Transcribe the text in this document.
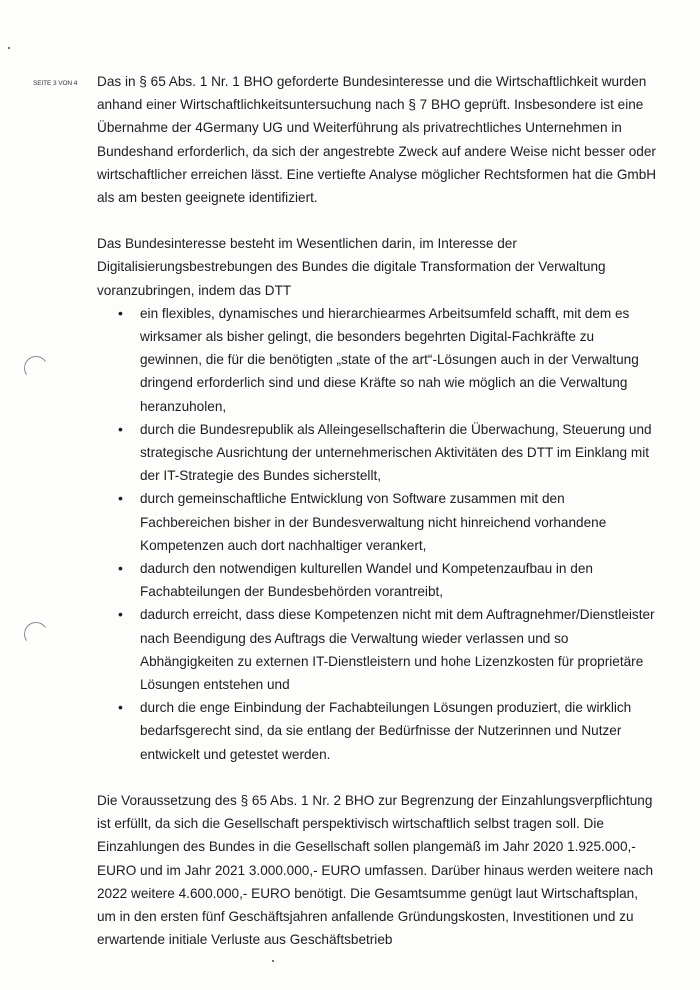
SEITE 3 VON 4 Das in § 65 Abs. 1 Nr. 1 BHO geforderte Bundesinteresse und die Wirtschaftlichkeit wurden anhand einer Wirtschaftlichkeitsuntersuchung nach § 7 BHO geprüft. Insbesondere ist eine Übernahme der 4Germany UG und Weiterführung als privatrechtliches Unternehmen in Bundeshand erforderlich, da sich der angestrebte Zweck auf andere Weise nicht besser oder wirtschaftlicher erreichen lässt. Eine vertiefte Analyse möglicher Rechtsformen hat die GmbH als am besten geeignete identifiziert.

Das Bundesinteresse besteht im Wesentlichen darin, im Interesse der Digitalisierungsbestrebungen des Bundes die digitale Transformation der Verwaltung voranzubringen, indem das DTT

• ein flexibles, dynamisches und hierarchiearmes Arbeitsumfeld schafft, mit dem es wirksamer als bisher gelingt, die besonders begehrten Digital-Fachkräfte zu gewinnen, die für die benötigten „state of the art“-Lösungen auch in der Verwaltung dringend erforderlich sind und diese Kräfte so nah wie möglich an die Verwaltung heranzuholen,
• durch die Bundesrepublik als Alleingesellschafterin die Überwachung, Steuerung und strategische Ausrichtung der unternehmerischen Aktivitäten des DTT im Einklang mit der IT-Strategie des Bundes sicherstellt,
• durch gemeinschaftliche Entwicklung von Software zusammen mit den Fachbereichen bisher in der Bundesverwaltung nicht hinreichend vorhandene Kompetenzen auch dort nachhaltiger verankert,
• dadurch den notwendigen kulturellen Wandel und Kompetenzaufbau in den Fachabteilungen der Bundesbehörden vorantreibt,
• dadurch erreicht, dass diese Kompetenzen nicht mit dem Auftragnehmer/Dienstleister nach Beendigung des Auftrags die Verwaltung wieder verlassen und so Abhängigkeiten zu externen IT-Dienstleistern und hohe Lizenzkosten für proprietäre Lösungen entstehen und
• durch die enge Einbindung der Fachabteilungen Lösungen produziert, die wirklich bedarfsgerecht sind, da sie entlang der Bedürfnisse der Nutzerinnen und Nutzer entwickelt und getestet werden.

Die Voraussetzung des § 65 Abs. 1 Nr. 2 BHO zur Begrenzung der Einzahlungsverpflichtung ist erfüllt, da sich die Gesellschaft perspektivisch wirtschaftlich selbst tragen soll. Die Einzahlungen des Bundes in die Gesellschaft sollen plangemäß im Jahr 2020 1.925.000,- EURO und im Jahr 2021 3.000.000,- EURO umfassen. Darüber hinaus werden weitere nach 2022 weitere 4.600.000,- EURO benötigt. Die Gesamtsumme genügt laut Wirtschaftsplan, um in den ersten fünf Geschäftsjahren anfallende Gründungskosten, Investitionen und zu erwartende initiale Verluste aus Geschäftsbetrieb
